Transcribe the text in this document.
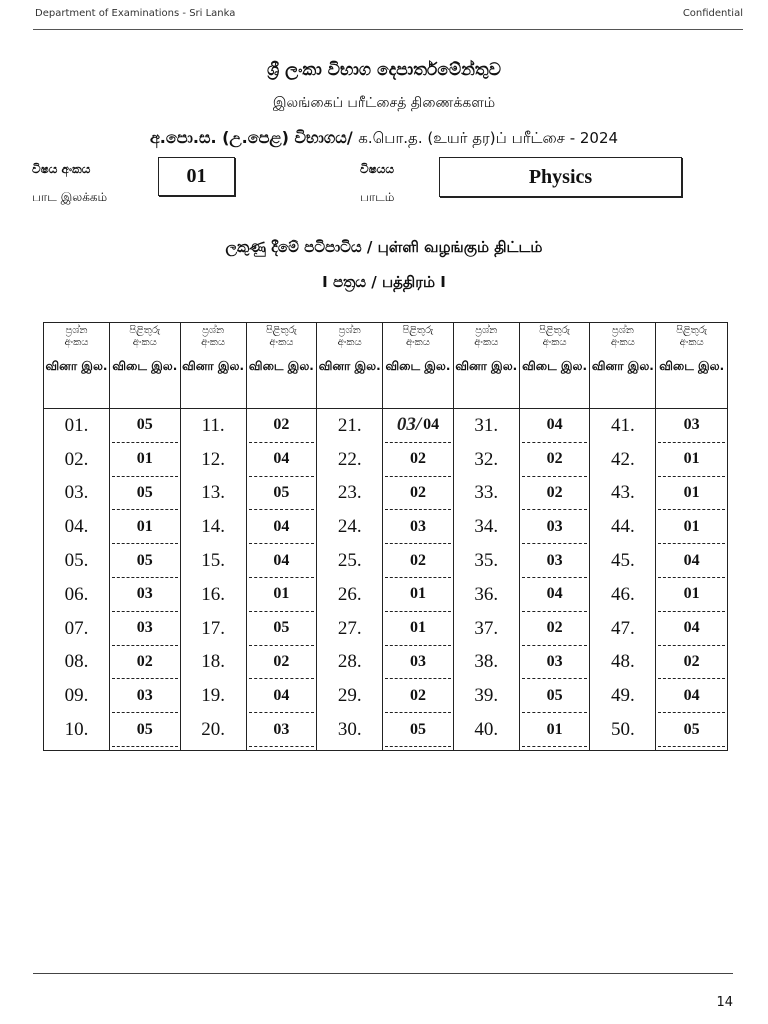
Department of Examinations - Sri Lanka	Confidential
ශ්‍රී ලංකා විභාග දෙපාර්තමේන්තුව
இலங்கைப் பரீட்சைத் திணைக்களம்
අ.පො.ස. (උ.පෙළ) විභාගය/ க.பொ.த. (உயர் தர)ப் பரீட்சை - 2024
විෂය අංකය
பாட இலக்கம்
01	විෂයය
பாடம்
Physics
ලකුණු දීමේ පටිපාටිය / புள்ளி வழங்கும் திட்டம்
I පත්‍රය / பத்திரம் I
ප්‍රශ්න
අංකය
வினா இல.
01.
02.
03.
04.
05.
06.
07.
08.
09.
10.
පිළිතුරු
අංකය
விடை இல.
05
01
05
01
05
03
03
02
03
05
ප්‍රශ්න
අංකය
வினா இல.
11.
12.
13.
14.
15.
16.
17.
18.
19.
20.
පිළිතුරු
අංකය
விடை இல.
02
04
05
04
04
01
05
02
04
03
ප්‍රශ්න
අංකය
வினா இல.
21.
22.
23.
24.
25.
26.
27.
28.
29.
30.
පිළිතුරු
අංකය
விடை இல.
03/ 04
02
02
03
02
01
01
03
02
05
ප්‍රශ්න
අංකය
வினா இல.
31.
32.
33.
34.
35.
36.
37.
38.
39.
40.
පිළිතුරු
අංකය
விடை இல.
04
02
02
03
03
04
02
03
05
01
ප්‍රශ්න
අංකය
வினா இல.
41.
42.
43.
44.
45.
46.
47.
48.
49.
50.
පිළිතුරු
අංකය
விடை இல.
03
01
01
01
04
01
04
02
04
05
14
